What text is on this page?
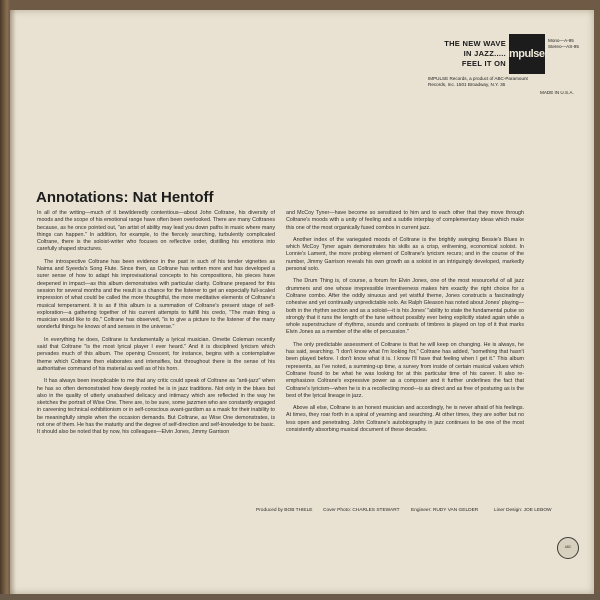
THE NEW WAVE
IN JAZZ.....
FEEL IT ON
impulse!
Mono—A-95
Stereo—AS-95
IMPULSE Records, a product of ABC-Paramount Records, Inc. 1501 Broadway, N.Y. 36
MADE IN U.S.A.
Annotations: Nat Hentoff

In all of the writing—much of it bewilderedly contentious—about John Coltrane, his diversity of moods and the scope of his emotional range have often been overlooked. There are many Coltranes because, as he once pointed out, "an artist of ability may lead you down paths in music where many things can happen." In addition, for example, to the fiercely searching, turbulently complicated Coltrane, there is the soloist-writer who focuses on reflective order, distilling his emotions into carefully shaped structures.

The introspective Coltrane has been evidence in the past in such of his tender vignettes as Naima and Syeeda's Song Flute. Since then, as Coltrane has written more and has developed a surer sense of how to adapt his improvisational concepts to his compositions, his pieces have deepened in impact—as this album demonstrates with particular clarity. Coltrane prepared for this session for several months and the result is a chance for the listener to get an especially full-scaled impression of what could be called the more thoughtful, the more meditative elements of Coltrane's musical temperament. It is as if this album is a summation of Coltrane's present stage of self-exploration—a gathering together of his current attempts to fulfill his credo, "The main thing a musician would like to do," Coltrane has observed, "is to give a picture to the listener of the many wonderful things he knows of and senses in the universe."

In everything he does, Coltrane is fundamentally a lyrical musician. Ornette Coleman recently said that Coltrane "is the most lyrical player I ever heard." And it is disciplined lyricism which pervades much of this album. The opening Crescent, for instance, begins with a contemplative theme which Coltrane then elaborates and intensifies, but throughout there is the sense of his authoritative command of his material as well as of his horn.

It has always been inexplicable to me that any critic could speak of Coltrane as "anti-jazz" when he has so often demonstrated how deeply rooted he is in jazz traditions. Not only in the blues but also in the quality of utterly unabashed delicacy and intimacy which are reflected in the way he sketches the portrait of Wise One. There are, to be sure, some jazzmen who are constantly engaged in careening technical exhibitionism or in self-conscious avant-gardism as a mask for their inability to be meaningfully simple when the occasion demands. But Coltrane, as Wise One demonstrates, is not one of them. He has the maturity and the degree of self-direction and self-knowledge to be basic. It should also be noted that by now, his colleagues—Elvin Jones, Jimmy Garrison

and McCoy Tyner—have become so sensitized to him and to each other that they move through Coltrane's moods with a unity of feeling and a subtle interplay of complementary ideas which make this one of the most organically fused combos in current jazz.

Another index of the variegated moods of Coltrane is the brightly swinging Bessie's Blues in which McCoy Tyner again demonstrates his skills as a crisp, enlivening, economical soloist. In Lonnie's Lament, the more probing element of Coltrane's lyricism recurs; and in the course of the number, Jimmy Garrison reveals his own growth as a soloist in an intriguingly developed, markedly personal solo.

The Drum Thing is, of course, a forum for Elvin Jones, one of the most resourceful of all jazz drummers and one whose irrepressible inventiveness makes him exactly the right choice for a Coltrane combo. After the oddly sinuous and yet wistful theme, Jones constructs a fascinatingly cohesive and yet continually unpredictable solo. As Ralph Gleason has noted about Jones' playing—both in the rhythm section and as a soloist—it is his Jones' "ability to state the fundamental pulse so strongly that it runs the length of the tune without possibly ever being explicitly stated again while a whole superstructure of rhythms, sounds and contrasts of timbres is played on top of it that marks Elvin Jones as a member of the elite of percussion."

The only predictable assessment of Coltrane is that he will keep on changing. He is always, he has said, searching. "I don't know what I'm looking for," Coltrane has added, "something that hasn't been played before. I don't know what it is. I know I'll have that feeling when I get it." This album represents, as I've noted, a summing-up time, a survey from inside of certain musical values which Coltrane found to be what he was looking for at this particular time of his career. It also re-emphasizes Coltrane's expressive power as a composer and it further underlines the fact that Coltrane's lyricism—when he is in a recollecting mood—is as direct and as free of posturing as is the best of the lyrical lineage in jazz.

Above all else, Coltrane is an honest musician and accordingly, he is never afraid of his feelings. At times, they roar forth in a spiral of yearning and searching. At other times, they are softer but no less open and penetrating. John Coltrane's autobiography in jazz continues to be one of the most consistently absorbing musical document of these decades.

Produced by BOB THIELE Cover Photo: CHARLES STEWART Engineer: RUDY VAN GELDER	Liner Design: JOE LEBOW
ABC
